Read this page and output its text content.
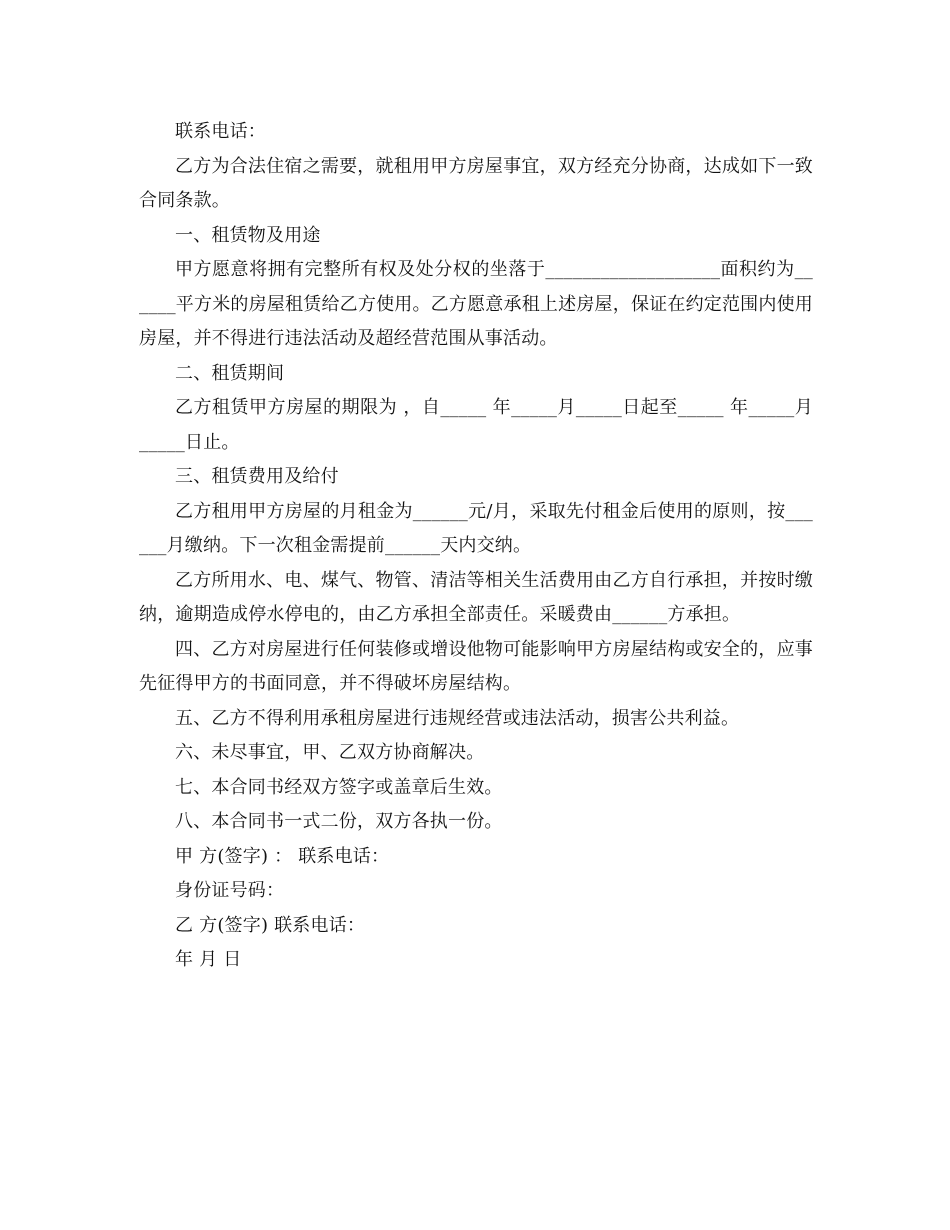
联系电话：

乙方为合法住宿之需要，就租用甲方房屋事宜，双方经充分协商，达成如下一致合同条款。

一、租赁物及用途

甲方愿意将拥有完整所有权及处分权的坐落于___________________面积约为______平方米的房屋租赁给乙方使用。乙方愿意承租上述房屋，保证在约定范围内使用房屋，并不得进行违法活动及超经营范围从事活动。

二、租赁期间

乙方租赁甲方房屋的期限为 ，自_____ 年_____月_____日起至_____ 年_____月_____日止。

三、租赁费用及给付

乙方租用甲方房屋的月租金为______元/月，采取先付租金后使用的原则，按______月缴纳。下一次租金需提前______天内交纳。

乙方所用水、电、煤气、物管、清洁等相关生活费用由乙方自行承担，并按时缴纳，逾期造成停水停电的，由乙方承担全部责任。采暖费由______方承担。

四、乙方对房屋进行任何装修或增设他物可能影响甲方房屋结构或安全的，应事先征得甲方的书面同意，并不得破坏房屋结构。

五、乙方不得利用承租房屋进行违规经营或违法活动，损害公共利益。

六、未尽事宜，甲、乙双方协商解决。

七、本合同书经双方签字或盖章后生效。

八、本合同书一式二份，双方各执一份。

甲 方(签字) ： 联系电话：

身份证号码：

乙 方(签字) 联系电话：

年 月 日
